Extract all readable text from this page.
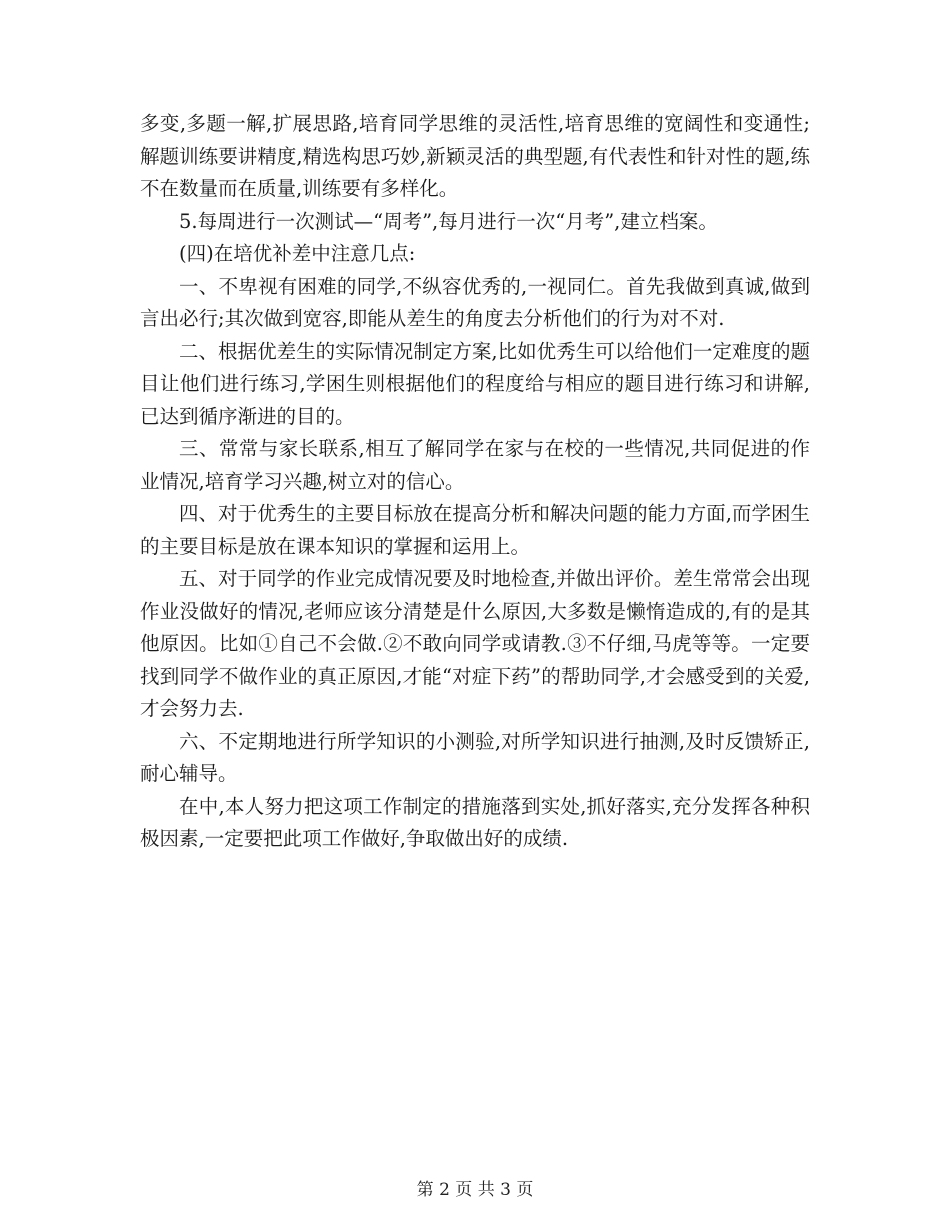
多变,多题一解,扩展思路,培育同学思维的灵活性,培育思维的宽阔性和变通性;解题训练要讲精度,精选构思巧妙,新颖灵活的典型题,有代表性和针对性的题,练不在数量而在质量,训练要有多样化。

5.每周进行一次测试—“周考”,每月进行一次“月考”,建立档案。

(四)在培优补差中注意几点:

一、不卑视有困难的同学,不纵容优秀的,一视同仁。首先我做到真诚,做到言出必行;其次做到宽容,即能从差生的角度去分析他们的行为对不对.

二、根据优差生的实际情况制定方案,比如优秀生可以给他们一定难度的题目让他们进行练习,学困生则根据他们的程度给与相应的题目进行练习和讲解,已达到循序渐进的目的。

三、常常与家长联系,相互了解同学在家与在校的一些情况,共同促进的作业情况,培育学习兴趣,树立对的信心。

四、对于优秀生的主要目标放在提高分析和解决问题的能力方面,而学困生的主要目标是放在课本知识的掌握和运用上。

五、对于同学的作业完成情况要及时地检查,并做出评价。差生常常会出现作业没做好的情况,老师应该分清楚是什么原因,大多数是懒惰造成的,有的是其他原因。比如①自己不会做.②不敢向同学或请教.③不仔细,马虎等等。一定要找到同学不做作业的真正原因,才能“对症下药”的帮助同学,才会感受到的关爱,才会努力去.

六、不定期地进行所学知识的小测验,对所学知识进行抽测,及时反馈矫正,耐心辅导。

在中,本人努力把这项工作制定的措施落到实处,抓好落实,充分发挥各种积极因素,一定要把此项工作做好,争取做出好的成绩.

第 2 页 共 3 页
